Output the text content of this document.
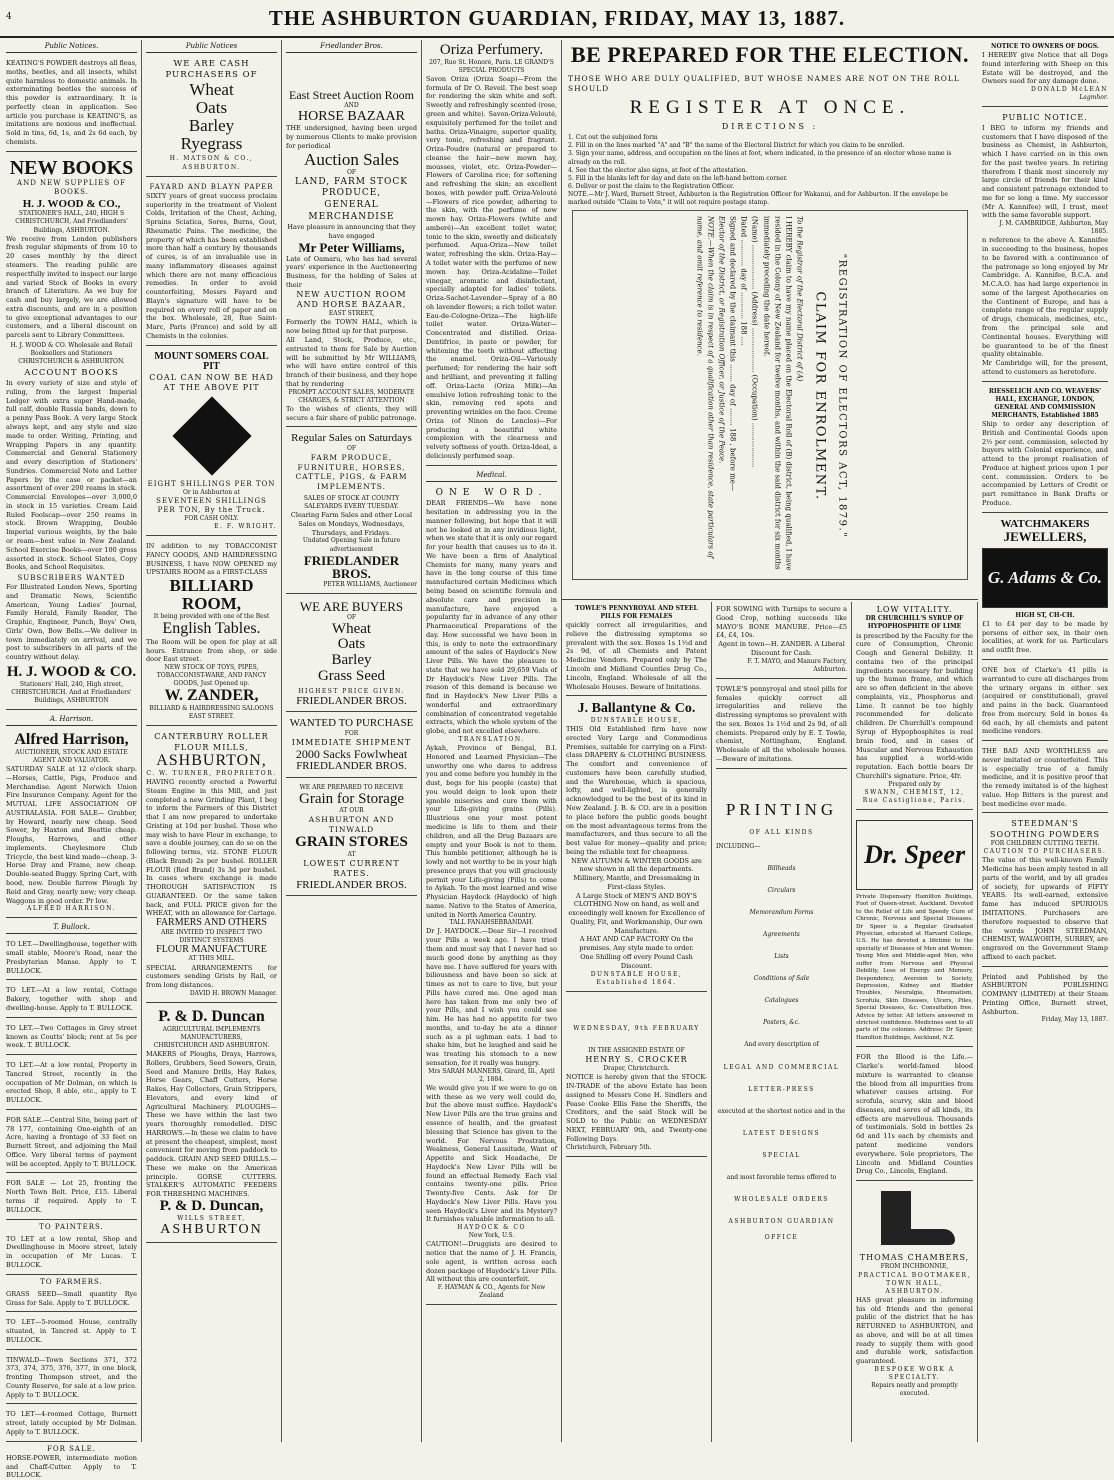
4	THE ASHBURTON GUARDIAN, FRIDAY, MAY 13, 1887.
Public Notices.

KEATING'S POWDER destroys all fleas, moths, beetles, and all insects, whilst quite harmless to domestic animals. In exterminating beetles the success of this powder is extraordinary. It is perfectly clean in application. See article you purchase is KEATING'S, as imitations are noxious and ineffectual. Sold in tins, 6d, 1s, and 2s 6d each, by chemists.

NEW BOOKS
AND NEW SUPPLIES OF BOOKS.
H. J. WOOD & CO.,
STATIONER'S HALL, 240, HIGH S CHRISTCHURCH, And Friedlanders' Buildings, ASHBURTON.

We receive from London publishers fresh regular shipments of from 10 to 20 cases monthly by the direct steamers. The reading public are respectfully invited to inspect our large and varied Stock of Books in every branch of Literature. As we buy for cash and buy largely, we are allowed extra discounts, and are in a position to give exceptional advantages to our customers, and a liberal discount on parcels sent to Library Committees.

H. J. WOOD & CO. Wholesale and Retail Booksellers and Stationers CHRISTCHURCH & ASHBURTON.
ACCOUNT BOOKS

In every variety of size and style of ruling, from the largest Imperial Ledger with extra super Hand-made, full calf, double Russia bands, down to a penny Pass Book. A very large Stock always kept, and any style and size made to order. Writing, Printing, and Wrapping Papers in any quantity. Commercial and General Stationery and every description of Stationers' Sundries. Commercial Note and Letter Papers by the case or packet—an assortment of over 200 reams in stock. Commercial Envelopes—over 3,000,0 in stock in 15 varieties. Cream Laid Ruled Foolscap—over 250 reams in stock. Brown Wrapping, Double Imperial various weights, by the bale or ream—best value in New Zealand. School Exercise Books—over 100 gross assorted in stock. School Slates, Copy Books, and School Requisites.

SUBSCRIBERS WANTED

For Illustrated London News, Sporting and Dramatic News, Scientific American, Young Ladies' Journal, Family Herald, Family Reader, The Graphic, Engineer, Punch, Boys' Own, Girls' Own, Bow Bells.—We deliver in town immediately on arrival, and we post to subscribers in all parts of the country without delay.

H. J. WOOD & CO.
Stationers' Hall, 240, High street, CHRISTCHURCH. And at Friedlanders' Buildings, ASHBURTON
A. Harrison.
Alfred Harrison,
AUCTIONEER, STOCK AND ESTATE AGENT AND VALUATOR.

SATURDAY SALE at 12 o'clock sharp. —Horses, Cattle, Pigs, Produce and Merchandise. Agent Norwich Union Fire Insurance Company. Agent for the MUTUAL LIFE ASSOCIATION OF AUSTRALASIA. FOR SALE— Grubber, by Howard, nearly new cheap. Seed Sower, by Haxton and Beattie cheap. Ploughs, Harrows, and other implements. Cheylesmore Club Tricycle, the best kind made—cheap. 3-Horse Dray and Frame, new cheap. Double-seated Buggy. Spring Cart, with hood, new. Double furrow Plough by Reid and Gray, nearly new; very cheap. Waggons in good order. Pr low.

ALFRED HARRISON.
T. Bullock.

TO LET.—Dwellinghouse, together with small stable, Moore's Road, near the Presbyterian Manse. Apply to T. BULLOCK.

TO LET.—At a low rental, Cottage Bakery, together with shop and dwelling-house. Apply to T. BULLOCK.

TO LET.—Two Cottages in Grey street known as Coutts' block; rent at 5s per week. T. BULLOCK.

TO LET.—At a low rental, Property in Tancred Street, recently in the occupation of Mr Dolman, on which is erected Shop, 8 able, etc., apply to T. BULLOCK.

FOR SALE.—Central Site, being part of 78 177, containing One-eighth of an Acre, having a frontage of 33 feet on Burnett Street, and adjoining the Mail Office. Very liberal terms of payment will be accepted. Apply to T. BULLOCK.

FOR SALE — Lot 25, fronting the North Town Belt. Price, £15. Liberal terms if required. Apply to T. BULLOCK.

TO PAINTERS.

TO LET at a low rental, Shop and Dwellinghouse in Moore street, lately in occupation of Mr Lucas. T. BULLOCK.

TO FARMERS.

GRASS SEED—Small quantity Rye Grass for Sale. Apply to T. BULLOCK.

TO LET—5-roomed House, centrally situated, in Tancred st. Apply to T. BULLOCK.

TINWALD—Town Sections 371, 372 373, 374, 375, 376, 377, in one block, fronting Thompson street, and the County Reserve, for sale at a low price. Apply to T. BULLOCK.

TO LET—4-roomed Cottage, Burnett street, lately occupied by Mr Dolman. Apply to T. BULLOCK.

FOR SALE.

HORSE-POWER, intermediate motion and Chaff-Cutter. Apply to T. BULLOCK.

Public Notices
WE ARE CASH PURCHASERS OF
Wheat
Oats
Barley
Ryegrass
H. MATSON & CO., ASHBURTON.
FAYARD AND BLAYN PAPER

SIXTY years of great success proclaim superiority in the treatment of Violent Colds, Irritation of the Chest, Aching, Sprains Sciatica, Sores, Burns, Gout, Rheumatic Pains. The medicine, the property of which has been established more than half a century by thousands of cures, is of an invaluable use in many inflammatory diseases against which there are not many efficacious remedies. In order to avoid counterfeiting, Messrs Fayard and Blayn's signature will have to be required on every roll of paper and on the box. Wholesale, 28, Rue Saint-Marc, Paris (France) and sold by all Chemists in the colonies.

MOUNT SOMERS COAL PIT
COAL CAN NOW BE HAD AT THE ABOVE PIT
EIGHT SHILLINGS PER TON
Or in Ashburton at
SEVENTEEN SHILLINGS PER TON, By the Truck.
FOR CASH ONLY.
E. F. WRIGHT.

IN addition to my TOBACCONIST FANCY GOODS, AND HAIRDRESSING BUSINESS, I have NOW OPENED my UPSTAIRS ROOM as a FIRST-CLASS

BILLIARD ROOM,
It being provided with one of the Best
English Tables.

The Room will be open for play at all hours. Entrance from shop, or side door East street.

NEW STOCK OF TOYS, PIPES, TOBACCONIST-WARE, AND FANCY GOODS, Just Opened up.
W. ZANDER,
BILLIARD & HAIRDRESSING SALOONS EAST STREET.
CANTERBURY ROLLER FLOUR MILLS,
ASHBURTON,
C. W. TURNER, PROPRIETOR.

HAVING recently erected a Powerful Steam Engine in this Mill, and just completed a new Grinding Plant, I beg to inform the Farmers of this District that I am now prepared to undertake Gristing at 10d per bushel. Those who may wish to have Flour in exchange, to save a double journey, can do so on the following terms, viz. STONE FLOUR (Black Brand) 2s per bushel. ROLLER FLOUR (Red Brand) 3s 3d per bushel. In cases where exchange is made THOROUGH SATISFACTION IS GUARANTEED. Or the same taken back, and FULL PRICE given for the WHEAT, with an allowance for Cartage.

FARMERS AND OTHERS
ARE INVITED TO INSPECT TWO DISTINCT SYSTEMS
FLOUR MANUFACTURE
AT THIS MILL.

SPECIAL ARRANGEMENTS for customers sending Grists by Rail, or from long distances.

DAVID H. BROWN Manager.
P. & D. Duncan
AGRICULTURAL IMPLEMENTS MANUFACTURERS,
CHRISTCHURCH AND ASHBURTON.

MAKERS of Ploughs, Drays, Harrows, Rollers, Grubbers, Seed Sowers, Grain, Seed and Manure Drills, Hay Rakes, Horse Gears, Chaff Cutters, Horse Rakes, Hay Collectors, Grain Strippers, Elevators, and every kind of Agricultural Machinery. PLOUGHS—These we have within the last two years thoroughly remodelled. DISC HARROWS.—In these we claim to have at present the cheapest, simplest, most convenient for moving from paddock to paddock. GRAIN AND SEED DRILLS.—These we make on the American principle. GORSE CUTTERS. STALKER'S AUTOMATIC FEEDERS FOR THRESHING MACHINES.

P. & D. Duncan,
WILLS STREET,
ASHBURTON
Friedlander Bros.
East Street Auction Room
AND
HORSE BAZAAR

THE undersigned, having been urged by numerous Clients to make provision for periodical

Auction Sales
OF
LAND, FARM STOCK
PRODUCE,
GENERAL MERCHANDISE

Have pleasure in announcing that they have engaged

Mr Peter Williams,

Late of Oamaru, who has had several years' experience in the Auctioneering Business, for the holding of Sales at their

NEW AUCTION ROOM AND HORSE BAZAAR,
EAST STREET,

Formerly the TOWN HALL, which is now being fitted up for that purpose.

All Land, Stock, Produce, etc., entrusted to them for Sale by Auction will be submitted by Mr WILLIAMS, who will have entire control of this branch of their business, and they hope that by rendering

PROMPT ACCOUNT SALES, MODERATE CHARGES, & STRICT ATTENTION

To the wishes of clients, they will secure a fair share of public patronage.

Regular Sales on Saturdays
OF
FARM PRODUCE, FURNITURE, HORSES, CATTLE, PIGS, & FARM IMPLEMENTS.
SALES OF STOCK AT COUNTY SALEYARDS EVERY TUESDAY.

Clearing Farm Sales and other Local Sales on Mondays, Wednesdays, Thursdays, and Fridays.

Undated Opening Sale in future advertisement

FRIEDLANDER BROS.
PETER WILLIAMS, Auctioneer
WE ARE BUYERS
OF
Wheat
Oats
Barley
Grass Seed
HIGHEST PRICE GIVEN.
FRIEDLANDER BROS.
WANTED TO PURCHASE
FOR
IMMEDIATE SHIPMENT
2000 Sacks Fowlwheat
FRIEDLANDER BROS.
WE ARE PREPARED TO RECEIVE
Grain for Storage
AT OUR
ASHBURTON AND TINWALD
GRAIN STORES
AT
LOWEST CURRENT RATES.
FRIEDLANDER BROS.
Oriza Perfumery.
207, Rue St. Honoré, Paris. LE GRAND'S SPECIAL PRODUCTS

Savon Oriza (Oriza Soap)—From the formula of Dr O. Reveil. The best soap for rendering the skin white and soft. Sweetly and refreshingly scented (rose, green and white). Savon-Oriza-Velouté, exquisitely perfumed for the toilet and baths. Oriza-Vinaigre, superior quality, very tonic, refreshing and fragrant. Oriza-Poudre (natural or prepared to cleanse the hair—new mown hay, mousses, violet, etc. Oriza-Powder—Flowers of Carolina rice; for softening and refreshing the skin; an excellent boxes, with powder puff. Oriza-Velouté—Flowers of rice powder, adhering to the skin, with the perfume of new mown hay. Oriza-Flowers (white and amberé)—An excellent toilet water, tonic to the skin, sweetly and delicately perfumed. Aqua-Oriza—New toilet water, refreshing the skin. Oriza-Hay—A toilet water with the perfume of new mown hay. Oriza-Acidaline—Toilet vinegar, aromatic and disinfectant, specially adapted for ladies' toilets. Oriza-Sachet-Lavender—Spray of a 80 oh lavender flowers; a rich toilet water. Eau-de-Cologne-Oriza—The high-life toilet water. Oriza-Water—Concentrated and distilled. Oriza-Dentifrice, in paste or powder, for whitening the teeth without affecting the enamel. Oriza-Oil—Variously perfumed; for rendering the hair soft and brilliant, and preventing it falling off. Oriza-Lacte (Oriza Milk)—An emulsive lotion refreshing tonic to the skin, removing red spots and preventing wrinkles on the face. Creme Oriza (of Ninon de Lenclos)—For producing a beautiful white complexion with the clearness and velvety softness of youth. Oriza-Ideal, a deliciously perfumed soap.

Medical.
ONE WORD.

DEAR FRIENDS—We have none hesitation in addressing you in the manner following, but hope that it will not be looked at in any invidious light, when we state that it is only our regard for your health that causes us to do it. We have been a firm of Analytical Chemists for many, many years and have in the long course of this time manufactured certain Medicines which being based on scientific formula and absolute care and precision in manufacture, have enjoyed a popularity far in advance of any other Pharmaceutical Preparations of the day. How successful we have been in this, is only to note the extraordinary amount of the sales of Haydock's New Liver Pills. We have the pleasure to state that we have sold 29,659 Vials of Dr Haydock's New Liver Pills. The reason of this demand is because we find in Haydock's New Liver Pills a wonderful and extraordinary combination of concentrated vegetable extracts, which the whole system of the globe, and not excelled elsewhere.

TRANSLATION.

Aykah, Province of Bengal, B.I. Honored and Learned Physician—The unworthy one who dares to address you and come before you humbly in the dust, begs for his people (caste) that you would deign to look upon their ignoble miseries and cure them with your Life-giving grains (Pills). Illustrious one your most potent medicine is life to them and their children, and all the Drug Bazaars are empty and your Book is not to them. This humble petitioner, although he is lowly and not worthy to be in your high presence prays that you will graciously permit your Life-giving (Pills) to come to Aykah. To the most learned and wise Physician Haydock (Haydock) of high name. Native to the States of America, united in North America Country.

TALL FANAHSEBRANDAH.

Dr J. HAYDOCK.—Dear Sir—I received your Pills a week ago. I have tried them and must say that I never had so much good done by anything as they have me. I have suffered for years with biliousness and have been so sick at times as not to care to live, but your Pills have cured me. One aged man here has taken from me only two of your Pills, and I wish you could see him. He has had no appetite for two months, and to-day he ate a dinner such as a pl ughman eats. I had to shake him, but he laughed and said he was treating his stomach to a new sensation, for it really was hungry.

Mrs SARAH MANNERS, Girard, Ill., April 2, 1884.

We would give you if we were to go on with these as we very well could do, but the above must suffice. Haydock's New Liver Pills are the true grains and essence of health, and the greatest blessing that Science has given to the world. For Nervous Prostration, Weakness, General Lassitude, Want of Appetite and Sick Headache, Dr Haydock's New Liver Pills will be found an effectual Remedy. Each vial contains twenty-one pills. Price Twenty-five Cents. Ask for Dr Haydock's New Liver Pills. Have you seen Haydock's Liver and its Mystery? It furnishes valuable information to all.

HAYDOCK & CO
New York, U.S.

CAUTION!—Druggists are desired to notice that the name of J. H. Francis, sole agent, is written across each dozen package of Haydock's Liver Pills. All without this are counterfeit.

F. HAYMAN & CO., Agents for New Zealand
BE PREPARED FOR THE ELECTION.
THOSE WHO ARE DULY QUALIFIED, BUT WHOSE NAMES ARE NOT ON THE ROLL SHOULD
REGISTER AT ONCE.
DIRECTIONS :
1. Cut out the subjoined form
2. Fill in on the lines marked "A" and "B" the name of the Electoral District for which you claim to be enrolled.
3. Sign your name, address, and occupation on the lines at foot, where indicated, in the presence of an elector whose name is already on the roll.
4. See that the elector also signs, at foot of the attestation.
5. Fill in the blanks left for day and date on the left-hand bottom corner.
6. Deliver or post the claim to the Registration Officer.
NOTE.—Mr J. Ward, Burnett Street, Ashburton is the Registration Officer for Wakanui, and for Ashburton. If the envelope be marked outside "Claim to Vote," it will not require postage stamp.
"REGISTRATION OF ELECTORS ACT, 1879."
CLAIM FOR ENROLMENT.
To the Registrar of the Electoral District of (A)
I HEREBY claim to have my name placed on the Electoral Roll of (B) district, being qualified, I have resided in the Colony of New Zealand for twelve months, and within the said district for six months immediately preceding the date hereof.
(Name) .................... (Address) .................... (Occupation) ....................
Dated ............ day of ............ 188 ....
Signed and declared by the claimant this ........ day of ........ 188 , before me—
Elector of the District, or Registration Officer, or Justice of the Peace.
NOTE.—When the claim is in respect of a qualification other than residence, state particulars of name, and omit reference to residence.
TOWLE'S PENNYROYAL AND STEEL PILLS FOR FEMALES

quickly correct all irregularities, and relieve the distressing symptoms so prevalent with the sex. Boxes 1s 1½d and 2s 9d, of all Chemists and Patent Medicine Vendors. Prepared only by The Lincoln and Midland Counties Drug Co., Lincoln, England. Wholesale of all the Wholesale Houses. Beware of Imitations.

J. Ballantyne & Co.
DUNSTABLE HOUSE,

THIS Old Established firm have now erected Very Large and Commodious Premises, suitable for carrying on a First-class DRAPERY & CLOTHING BUSINESS. The comfort and convenience of customers have been carefully studied, and the Warehouse, which is spacious, lofty, and well-lighted, is generally acknowledged to be the best of its kind in New Zealand. J. B. & CO. are in a position to place before the public goods bought on the most advantageous terms from the manufacturers, and thus secure to all the best value for money—quality and price; being the reliable text for cheapness.

NEW AUTUMN & WINTER GOODS are now shown in all the departments.

Millinery, Mantle, and Dressmaking in First-class Styles.

A Large Stock of MEN'S AND BOY'S CLOTHING Now on hand, as well and exceedingly well known for Excellence of Quality, Fit, and Workmanship, Our own Manufacture.

A HAT AND CAP FACTORY On the premises. Any style made to order.

One Shilling off every Pound Cash Discount.

DUNSTABLE HOUSE, Established 1864.
WEDNESDAY, 9th FEBRUARY
IN THE ASSIGNED ESTATE OF
HENRY S. CROCKER
Draper, Christchurch.

NOTICE is hereby given that the STOCK-IN-TRADE of the above Estate has been assigned to Messrs Cone H. Sindlers and Pease Cooke Ellis Fane the Sheriffs, the Creditors, and the said Stock will be SOLD to the Public on WEDNESDAY NEXT, FEBRUARY 9th, and Twenty-one Following Days.

Christchurch, February 5th.

FOR SOWING with Turnips to secure a Good Crop, nothing succeeds like MAYO'S BONE MANURE. Price—£5 £4, £4, 10s.

Agent in town—H. ZANDER. A Liberal Discount for Cash.

F. T. MAYO, and Manure Factory, Ashburton.

TOWLE'S pennyroyal and steel pills for females quickly correct all irregularities and relieve the distressing symptoms so prevalent with the sex. Boxes 1s 1½d and 2s 9d, of all chemists. Prepared only by E. T. Towle, chemist, Nottingham, England. Wholesale of all the wholesale houses.—Beware of imitations.

PRINTING
OF ALL KINDS
INCLUDING—
Billheads
Circulars
Memorandum Forms
Agreements
Lists
Conditions of Sale
Catalogues
Posters, &c.
And every description of
LEGAL AND COMMERCIAL
LETTER-PRESS
executed at the shortest notice and in the
LATEST DESIGNS
SPECIAL
and most favorable terms offered to
WHOLESALE ORDERS
ASHBURTON GUARDIAN
OFFICE
LOW VITALITY.
DR CHURCHILL'S SYRUP OF HYPOPHOSPHITE OF LIME

is prescribed by the Faculty for the cure of Consumption, Chronic Cough and General Debility. It contains two of the principal ingredients necessary for building up the human frame, and which are so often deficient in the above complaints, viz., Phosphorus and Lime. It cannot be too highly recommended for delicate children. Dr Churchill's compound Syrup of Hypophosphites is real brain food, and in cases of Muscular and Nervous Exhaustion has supplied a world-wide reputation. Each bottle bears Dr Churchill's signature. Price, 4fr.

Prepared only by
SWANN, CHEMIST, 12, Rue Castiglione, Paris.
Dr. Speer

Private Dispensary Hamilton Buildings, Foot of Queen-street, Auckland. Devoted to the Relief of Life and Speedy Cure of Chronic, Nervous and Special Diseases. Dr Speer is a Regular Graduated Physician, educated at Harvard College, U.S. He has devoted a lifetime to the specialty of Diseases of Men and Women. Young Men and Middle-aged Men, who suffer from Nervous and Physical Debility, Loss of Energy and Memory, Despondency, Aversion to Society, Depression, Kidney and Bladder Troubles, Neuralgia, Rheumatism, Scrofula, Skin Diseases, Ulcers, Piles, Special Diseases, &c. Consultation free. Advice by letter. All letters answered in strictest confidence. Medicines sent to all parts of the colonies. Address: Dr Speer, Hamilton Buildings, Auckland, N.Z.

FOR the Blood is the Life.—Clarke's world-famed blood mixture is warranted to cleanse the blood from all impurities from whatever causes arising. For scrofula, scurvy, skin and blood diseases, and sores of all kinds, its effects are marvellous. Thousands of testimonials. Sold in bottles 2s 6d and 11s each by chemists and patent medicine vendors everywhere. Sole proprietors, The Lincoln and Midland Counties Drug Co., Lincoln, England.

THOMAS CHAMBERS,
FROM INCHBONNIE,
PRACTICAL BOOTMAKER, TOWN HALL, ASHBURTON.

HAS great pleasure in informing his old friends and the general public of the district that he has RETURNED to ASHBURTON, and as above, and will be at all times ready to supply them with good and durable work, satisfaction guaranteed.

BESPOKE WORK A SPECIALTY.
Repairs neatly and promptly executed.
NOTICE TO OWNERS OF DOGS.

I HEREBY give Notice that all Dogs found interfering with Sheep on this Estate will be destroyed, and the Owners sued for any damage done.

DONALD McLEAN
Lagmhor.
PUBLIC NOTICE.

I BEG to inform my friends and customers that I have disposed of the business as Chemist, in Ashburton, which I have carried on in this own for the past twelve years. In retiring therefrom I thank most sincerely my large circle of friends for their kind and consistent patronage extended to me for so long a time. My successor (Mr A. Kannifee) will, I trust, meet with the same favorable support.

J. M. CAMBRIDGE, Ashburton, May 1885.

n reference to the above A. Kannifee in succeeding to the business, hopes to be favored with a continuance of the patronage so long enjoyed by Mr Cambridge. A. Kannifee, B.C.A. and M.C.A.O. has had large experience in some of the largest Apothecaries on the Continent of Europe, and has a complete range of the regular supply of drugs, chemicals, medicines, etc., from the principal sole and Continental houses. Everything will be guaranteed to be of the finest quality obtainable.

Mr Cambridge will, for the present, attend to customers as heretofore.

RIESSELICH AND CO. WEAVERS' HALL, EXCHANGE, LONDON, GENERAL AND COMMISSION MERCHANTS, Established 1885

Ship to order any description of British and Continental Goods upon 2½ per cent. commission, selected by buyers with Colonial experience, and attend to the prompt realisation of Produce at highest prices upon 1 per cent. commission. Orders to be accompanied by Letters of Credit or part remittance in Bank Drafts or Produce.

WATCHMAKERS
JEWELLERS,
G. Adams & Co.
HIGH ST, CH-CH.

£1 to £4 per day to be made by persons of either sex, in their own localities, at work for us. Particulars and outfit free.

ONE box of Clarke's 41 pills is warranted to cure all discharges from the urinary organs in either sex (acquired or constitutional), gravel and pains in the back. Guaranteed free from mercury. Sold in boxes 4s 6d each, by all chemists and patent medicine vendors.

THE BAD AND WORTHLESS are never imitated or counterfeited. This is especially true of a family medicine, and it is positive proof that the remedy imitated is of the highest value. Hop Bitters is the purest and best medicine ever made.

STEEDMAN'S SOOTHING POWDERS
FOR CHILDREN CUTTING TEETH.
CAUTION TO PURCHASERS.

The value of this well-known Family Medicine has been amply tested in all parts of the world, and by all grades of society, for upwards of FIFTY YEARS. Its well-earned, extensive fame has induced SPURIOUS IMITATIONS. Purchasers are therefore requested to observe that the words JOHN STEEDMAN, CHEMIST, WALWORTH, SURREY, are engraved on the Government Stamp affixed to each packet.

Printed and Published by the ASHBURTON PUBLISHING COMPANY (LIMITED) at their Steam Printing Office, Burnett street, Ashburton.

Friday, May 13, 1887.
